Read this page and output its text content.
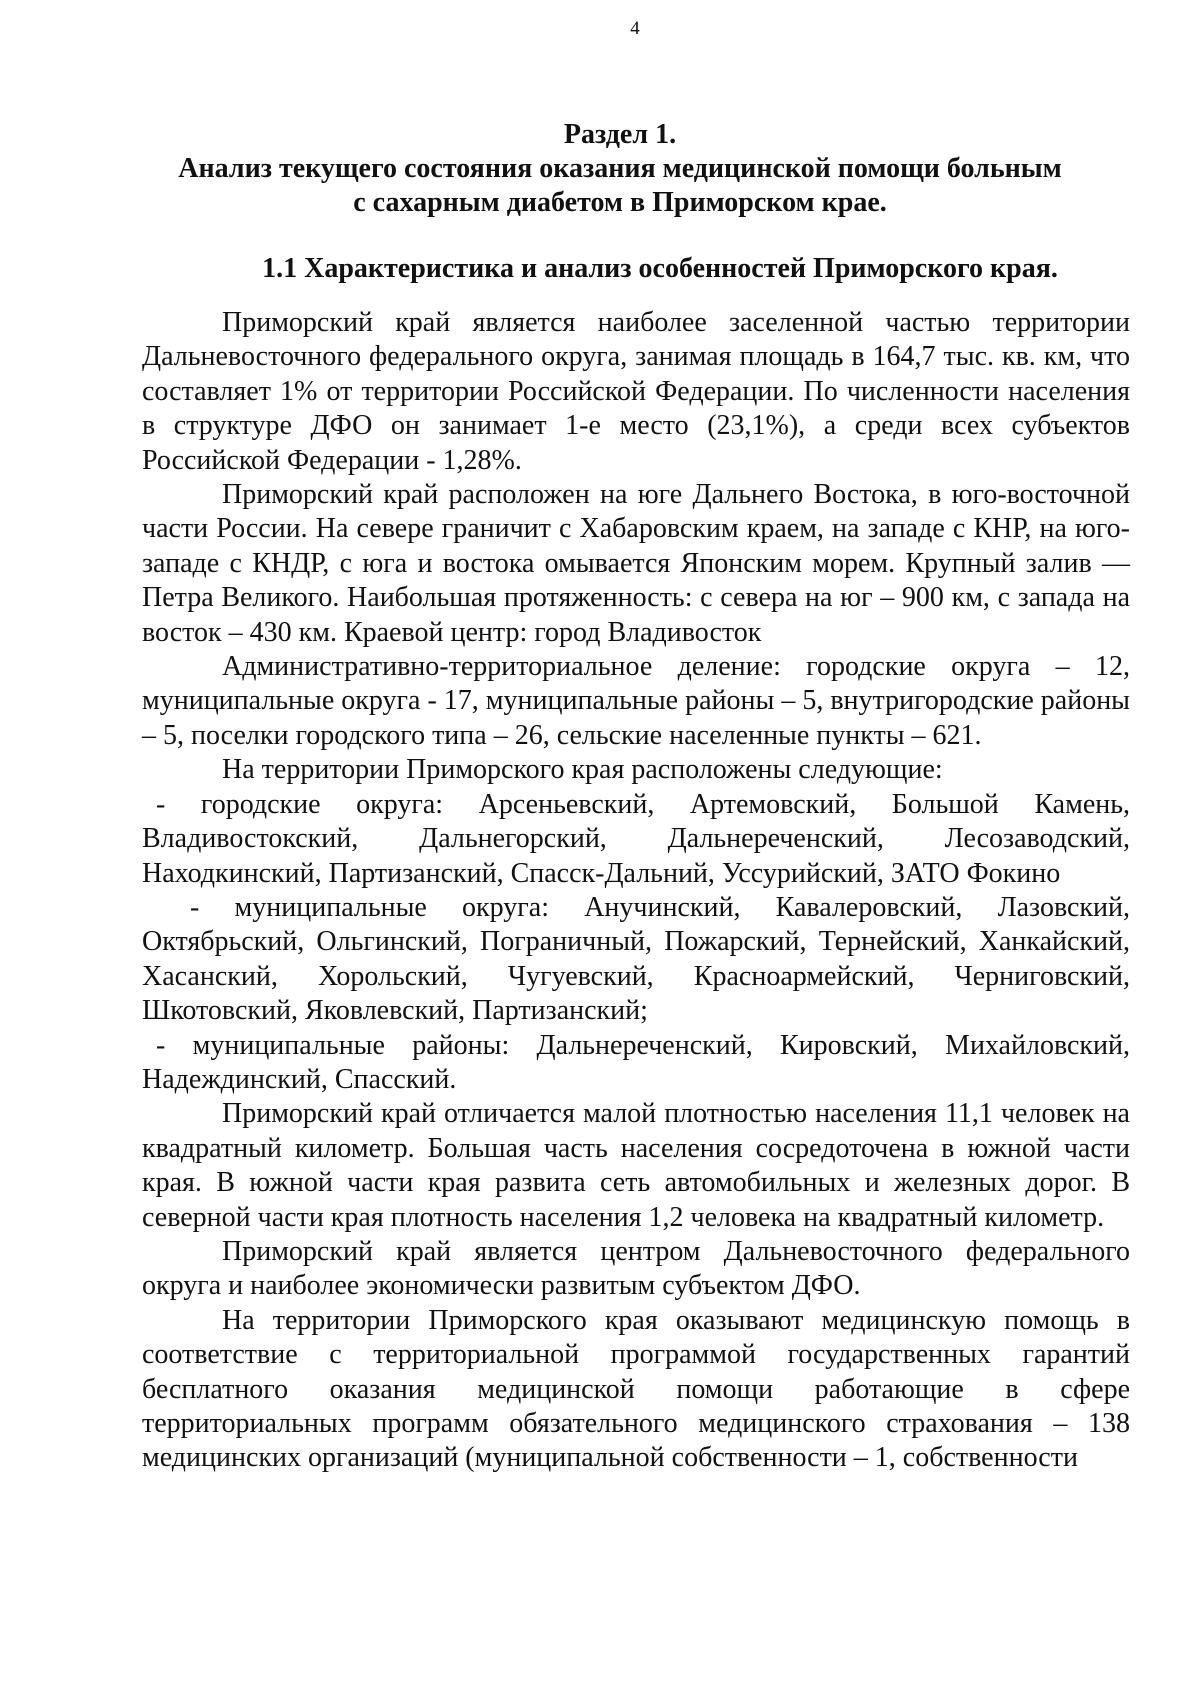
4
Раздел 1.
Анализ текущего состояния оказания медицинской помощи больным
с сахарным диабетом в Приморском крае.
1.1 Характеристика и анализ особенностей Приморского края.

Приморский край является наиболее заселенной частью территории Дальневосточного федерального округа, занимая площадь в 164,7 тыс. кв. км, что составляет 1% от территории Российской Федерации. По численности населения в структуре ДФО он занимает 1-е место (23,1%), а среди всех субъектов Российской Федерации - 1,28%.

Приморский край расположен на юге Дальнего Востока, в юго-восточной части России. На севере граничит с Хабаровским краем, на западе с КНР, на юго-западе с КНДР, с юга и востока омывается Японским морем. Крупный залив — Петра Великого. Наибольшая протяженность: с севера на юг – 900 км, с запада на восток – 430 км. Краевой центр: город Владивосток

Административно-территориальное деление: городские округа – 12, муниципальные округа - 17, муниципальные районы – 5, внутригородские районы – 5, поселки городского типа – 26, сельские населенные пункты – 621.

На территории Приморского края расположены следующие:

- городские округа: Арсеньевский, Артемовский, Большой Камень, Владивостокский, Дальнегорский, Дальнереченский, Лесозаводский, Находкинский, Партизанский, Спасск-Дальний, Уссурийский, ЗАТО Фокино

- муниципальные округа: Анучинский, Кавалеровский, Лазовский, Октябрьский, Ольгинский, Пограничный, Пожарский, Тернейский, Ханкайский, Хасанский, Хорольский, Чугуевский, Красноармейский, Черниговский, Шкотовский, Яковлевский, Партизанский;

- муниципальные районы: Дальнереченский, Кировский, Михайловский, Надеждинский, Спасский.

Приморский край отличается малой плотностью населения 11,1 человек на квадратный километр. Большая часть населения сосредоточена в южной части края. В южной части края развита сеть автомобильных и железных дорог. В северной части края плотность населения 1,2 человека на квадратный километр.

Приморский край является центром Дальневосточного федерального округа и наиболее экономически развитым субъектом ДФО.

На территории Приморского края оказывают медицинскую помощь в соответствие с территориальной программой государственных гарантий бесплатного оказания медицинской помощи работающие в сфере территориальных программ обязательного медицинского страхования – 138 медицинских организаций (муниципальной собственности – 1, собственности
